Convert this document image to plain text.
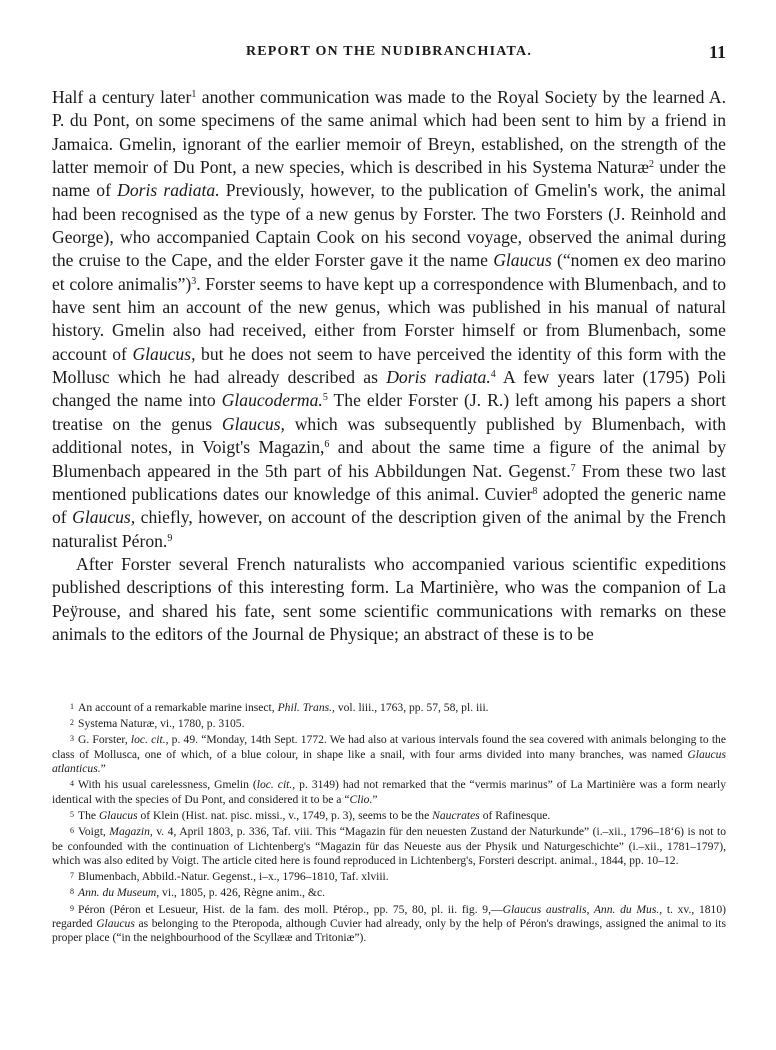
REPORT ON THE NUDIBRANCHIATA.	11

Half a century later$^1$ another communication was made to the Royal Society by the learned A. P. du Pont, on some specimens of the same animal which had been sent to him by a friend in Jamaica. Gmelin, ignorant of the earlier memoir of Breyn, established, on the strength of the latter memoir of Du Pont, a new species, which is described in his Systema Naturæ$^2$ under the name of Doris radiata. Previously, however, to the publication of Gmelin's work, the animal had been recognised as the type of a new genus by Forster. The two Forsters (J. Reinhold and George), who accompanied Captain Cook on his second voyage, observed the animal during the cruise to the Cape, and the elder Forster gave it the name Glaucus (“nomen ex deo marino et colore animalis”)$^3$. Forster seems to have kept up a correspondence with Blumenbach, and to have sent him an account of the new genus, which was published in his manual of natural history. Gmelin also had received, either from Forster himself or from Blumenbach, some account of Glaucus, but he does not seem to have perceived the identity of this form with the Mollusc which he had already described as Doris radiata.$^4$ A few years later (1795) Poli changed the name into Glaucoderma.$^5$ The elder Forster (J. R.) left among his papers a short treatise on the genus Glaucus, which was subsequently published by Blumenbach, with additional notes, in Voigt's Magazin,$^6$ and about the same time a figure of the animal by Blumenbach appeared in the 5th part of his Abbildungen Nat. Gegenst.$^7$ From these two last mentioned publications dates our knowledge of this animal. Cuvier$^8$ adopted the generic name of Glaucus, chiefly, however, on account of the description given of the animal by the French naturalist Péron.$^9$

After Forster several French naturalists who accompanied various scientific expeditions published descriptions of this interesting form. La Martinière, who was the companion of La Peÿrouse, and shared his fate, sent some scientific communications with remarks on these animals to the editors of the Journal de Physique; an abstract of these is to be

1 An account of a remarkable marine insect, Phil. Trans., vol. liii., 1763, pp. 57, 58, pl. iii.
2 Systema Naturæ, vi., 1780, p. 3105.
3 G. Forster, loc. cit., p. 49. “Monday, 14th Sept. 1772. We had also at various intervals found the sea covered with animals belonging to the class of Mollusca, one of which, of a blue colour, in shape like a snail, with four arms divided into many branches, was named Glaucus atlanticus.”
4 With his usual carelessness, Gmelin (loc. cit., p. 3149) had not remarked that the “vermis marinus” of La Martinière was a form nearly identical with the species of Du Pont, and considered it to be a “Clio.”
5 The Glaucus of Klein (Hist. nat. pisc. missi., v., 1749, p. 3), seems to be the Naucrates of Rafinesque.
6 Voigt, Magazin, v. 4, April 1803, p. 336, Taf. viii. This “Magazin für den neuesten Zustand der Naturkunde” (i.–xii., 1796–18ʻ6) is not to be confounded with the continuation of Lichtenberg's “Magazin für das Neueste aus der Physik und Naturgeschichte” (i.–xii., 1781–1797), which was also edited by Voigt. The article cited here is found reproduced in Lichtenberg's, Forsteri descript. animal., 1844, pp. 10–12.
7 Blumenbach, Abbild.-Natur. Gegenst., i–x., 1796–1810, Taf. xlviii.
8 Ann. du Museum, vi., 1805, p. 426, Règne anim., &c.
9 Péron (Péron et Lesueur, Hist. de la fam. des moll. Ptérop., pp. 75, 80, pl. ii. fig. 9,—Glaucus australis, Ann. du Mus., t. xv., 1810) regarded Glaucus as belonging to the Pteropoda, although Cuvier had already, only by the help of Péron's drawings, assigned the animal to its proper place (“in the neighbourhood of the Scyllææ and Tritoniæ”).
